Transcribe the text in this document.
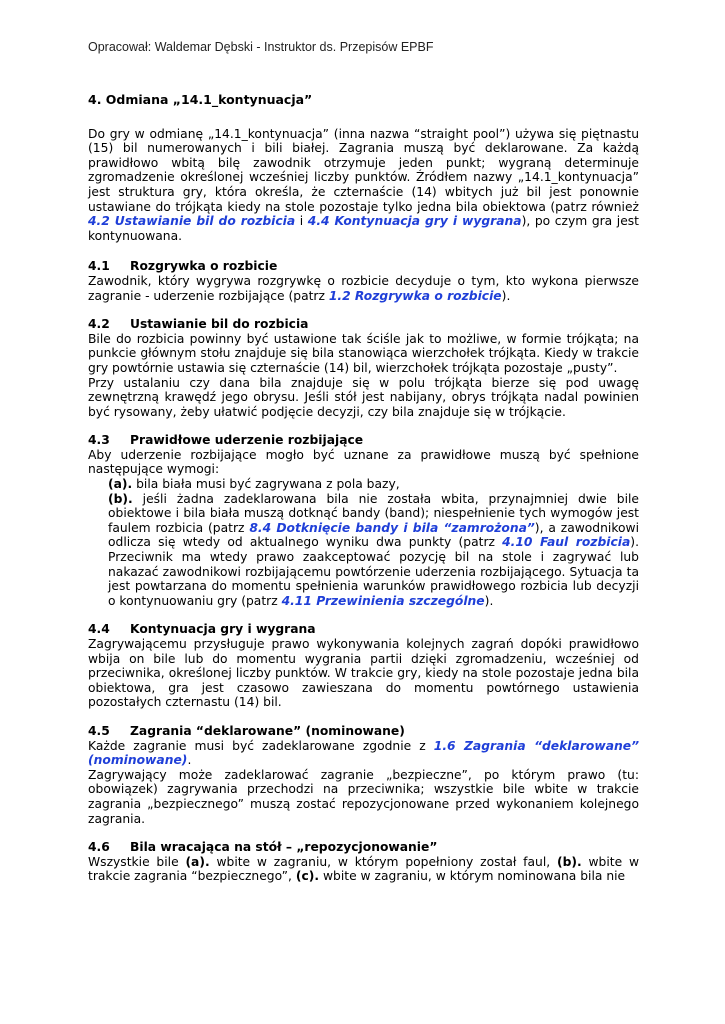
Opracował: Waldemar Dębski - Instruktor ds. Przepisów EPBF
4. Odmiana „14.1_kontynuacja”

Do gry w odmianę „14.1_kontynuacja” (inna nazwa “straight pool”) używa się piętnastu (15) bil numerowanych i bili białej. Zagrania muszą być deklarowane. Za każdą prawidłowo wbitą bilę zawodnik otrzymuje jeden punkt; wygraną determinuje zgromadzenie określonej wcześniej liczby punktów. Źródłem nazwy „14.1_kontynuacja” jest struktura gry, która określa, że czternaście (14) wbitych już bil jest ponownie ustawiane do trójkąta kiedy na stole pozostaje tylko jedna bila obiektowa (patrz również 4.2 Ustawianie bil do rozbicia i 4.4 Kontynuacja gry i wygrana), po czym gra jest kontynuowana.

4.1 Rozgrywka o rozbicie

Zawodnik, który wygrywa rozgrywkę o rozbicie decyduje o tym, kto wykona pierwsze zagranie - uderzenie rozbijające (patrz 1.2 Rozgrywka o rozbicie).

4.2 Ustawianie bil do rozbicia

Bile do rozbicia powinny być ustawione tak ściśle jak to możliwe, w formie trójkąta; na punkcie głównym stołu znajduje się bila stanowiąca wierzchołek trójkąta. Kiedy w trakcie gry powtórnie ustawia się czternaście (14) bil, wierzchołek trójkąta pozostaje „pusty”.

Przy ustalaniu czy dana bila znajduje się w polu trójkąta bierze się pod uwagę zewnętrzną krawędź jego obrysu. Jeśli stół jest nabijany, obrys trójkąta nadal powinien być rysowany, żeby ułatwić podjęcie decyzji, czy bila znajduje się w trójkącie.

4.3 Prawidłowe uderzenie rozbijające

Aby uderzenie rozbijające mogło być uznane za prawidłowe muszą być spełnione następujące wymogi:

(a). bila biała musi być zagrywana z pola bazy,

(b). jeśli żadna zadeklarowana bila nie została wbita, przynajmniej dwie bile obiektowe i bila biała muszą dotknąć bandy (band); niespełnienie tych wymogów jest faulem rozbicia (patrz 8.4 Dotknięcie bandy i bila “zamrożona”), a zawodnikowi odlicza się wtedy od aktualnego wyniku dwa punkty (patrz 4.10 Faul rozbicia). Przeciwnik ma wtedy prawo zaakceptować pozycję bil na stole i zagrywać lub nakazać zawodnikowi rozbijającemu powtórzenie uderzenia rozbijającego. Sytuacja ta jest powtarzana do momentu spełnienia warunków prawidłowego rozbicia lub decyzji o kontynuowaniu gry (patrz 4.11 Przewinienia szczególne).

4.4 Kontynuacja gry i wygrana

Zagrywającemu przysługuje prawo wykonywania kolejnych zagrań dopóki prawidłowo wbija on bile lub do momentu wygrania partii dzięki zgromadzeniu, wcześniej od przeciwnika, określonej liczby punktów. W trakcie gry, kiedy na stole pozostaje jedna bila obiektowa, gra jest czasowo zawieszana do momentu powtórnego ustawienia pozostałych czternastu (14) bil.

4.5 Zagrania “deklarowane” (nominowane)

Każde zagranie musi być zadeklarowane zgodnie z 1.6 Zagrania “deklarowane” (nominowane).

Zagrywający może zadeklarować zagranie „bezpieczne”, po którym prawo (tu: obowiązek) zagrywania przechodzi na przeciwnika; wszystkie bile wbite w trakcie zagrania „bezpiecznego” muszą zostać repozycjonowane przed wykonaniem kolejnego zagrania.

4.6 Bila wracająca na stół – „repozycjonowanie”

Wszystkie bile (a). wbite w zagraniu, w którym popełniony został faul, (b). wbite w trakcie zagrania “bezpiecznego”, (c). wbite w zagraniu, w którym nominowana bila nie
